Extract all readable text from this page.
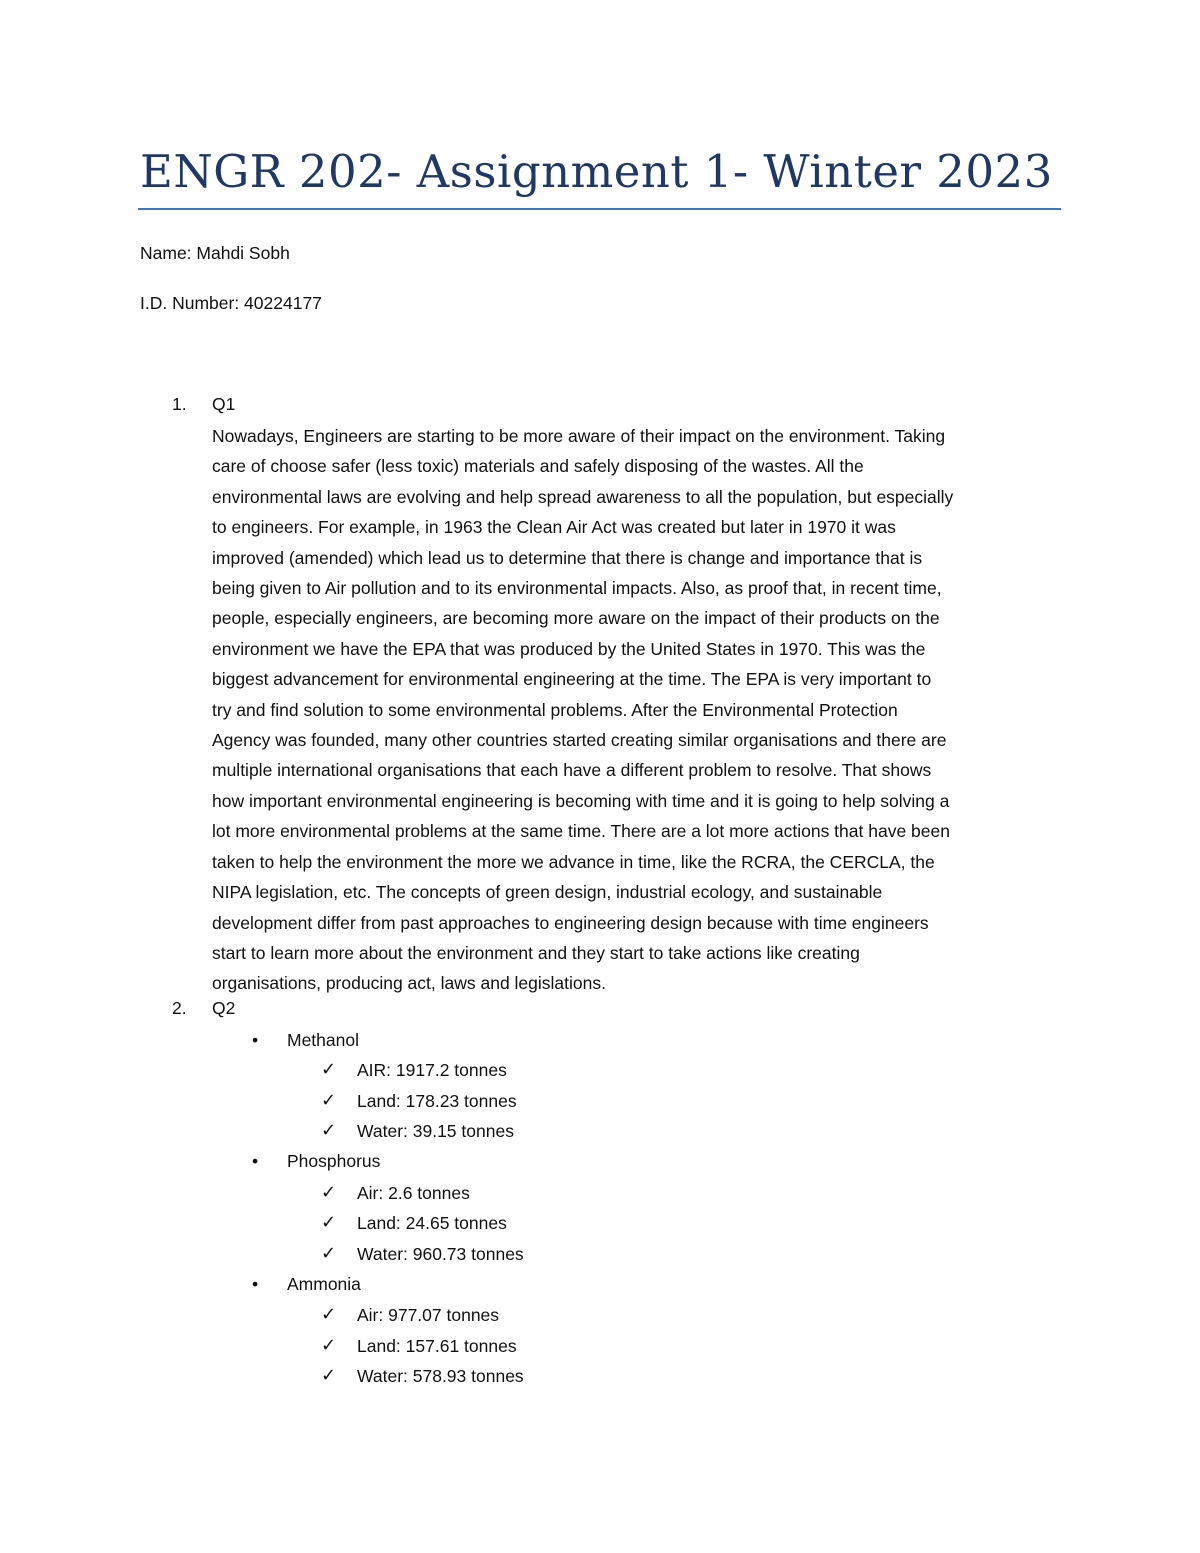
ENGR 202- Assignment 1- Winter 2023
Name: Mahdi Sobh
I.D. Number: 40224177
1. Q1
Nowadays, Engineers are starting to be more aware of their impact on the environment. Taking
care of choose safer (less toxic) materials and safely disposing of the wastes. All the
environmental laws are evolving and help spread awareness to all the population, but especially
to engineers. For example, in 1963 the Clean Air Act was created but later in 1970 it was
improved (amended) which lead us to determine that there is change and importance that is
being given to Air pollution and to its environmental impacts. Also, as proof that, in recent time,
people, especially engineers, are becoming more aware on the impact of their products on the
environment we have the EPA that was produced by the United States in 1970. This was the
biggest advancement for environmental engineering at the time. The EPA is very important to
try and find solution to some environmental problems. After the Environmental Protection
Agency was founded, many other countries started creating similar organisations and there are
multiple international organisations that each have a different problem to resolve. That shows
how important environmental engineering is becoming with time and it is going to help solving a
lot more environmental problems at the same time. There are a lot more actions that have been
taken to help the environment the more we advance in time, like the RCRA, the CERCLA, the
NIPA legislation, etc. The concepts of green design, industrial ecology, and sustainable
development differ from past approaches to engineering design because with time engineers
start to learn more about the environment and they start to take actions like creating
organisations, producing act, laws and legislations.
2. Q2
• Methanol
✓ AIR: 1917.2 tonnes
✓ Land: 178.23 tonnes
✓ Water: 39.15 tonnes
• Phosphorus
✓ Air: 2.6 tonnes
✓ Land: 24.65 tonnes
✓ Water: 960.73 tonnes
• Ammonia
✓ Air: 977.07 tonnes
✓ Land: 157.61 tonnes
✓ Water: 578.93 tonnes
